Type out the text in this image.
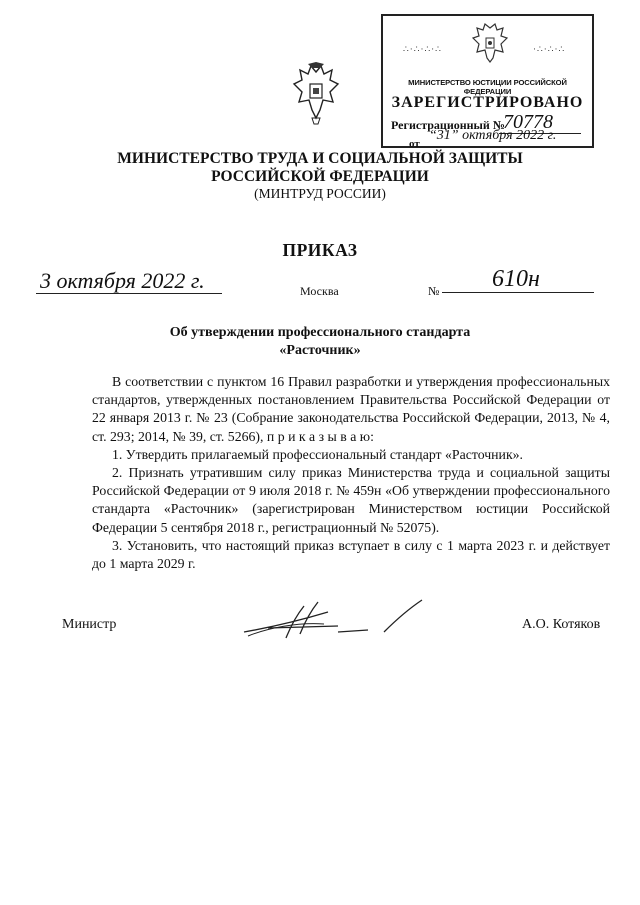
∴·∴·∴·∴	·∴·∴·∴
МИНИСТЕРСТВО ЮСТИЦИИ РОССИЙСКОЙ ФЕДЕРАЦИИ
ЗАРЕГИСТРИРОВАНО
Регистрационный №
70778
от
“31” октября 2022 г.
МИНИСТЕРСТВО ТРУДА И СОЦИАЛЬНОЙ ЗАЩИТЫ
РОССИЙСКОЙ ФЕДЕРАЦИИ
(МИНТРУД РОССИИ)
ПРИКАЗ
3 октября 2022 г.	Москва	№ 610н
Об утверждении профессионального стандарта
«Расточник»
В соответствии с пунктом 16 Правил разработки и утверждения профессиональных стандартов, утвержденных постановлением Правительства Российской Федерации от 22 января 2013 г. № 23 (Собрание законодательства Российской Федерации, 2013, № 4, ст. 293; 2014, № 39, ст. 5266), п р и к а з ы в а ю:
1. Утвердить прилагаемый профессиональный стандарт «Расточник».
2. Признать утратившим силу приказ Министерства труда и социальной защиты Российской Федерации от 9 июля 2018 г. № 459н «Об утверждении профессионального стандарта «Расточник» (зарегистрирован Министерством юстиции Российской Федерации 5 сентября 2018 г., регистрационный № 52075).
3. Установить, что настоящий приказ вступает в силу с 1 марта 2023 г. и действует до 1 марта 2029 г.
Министр	А.О. Котяков
